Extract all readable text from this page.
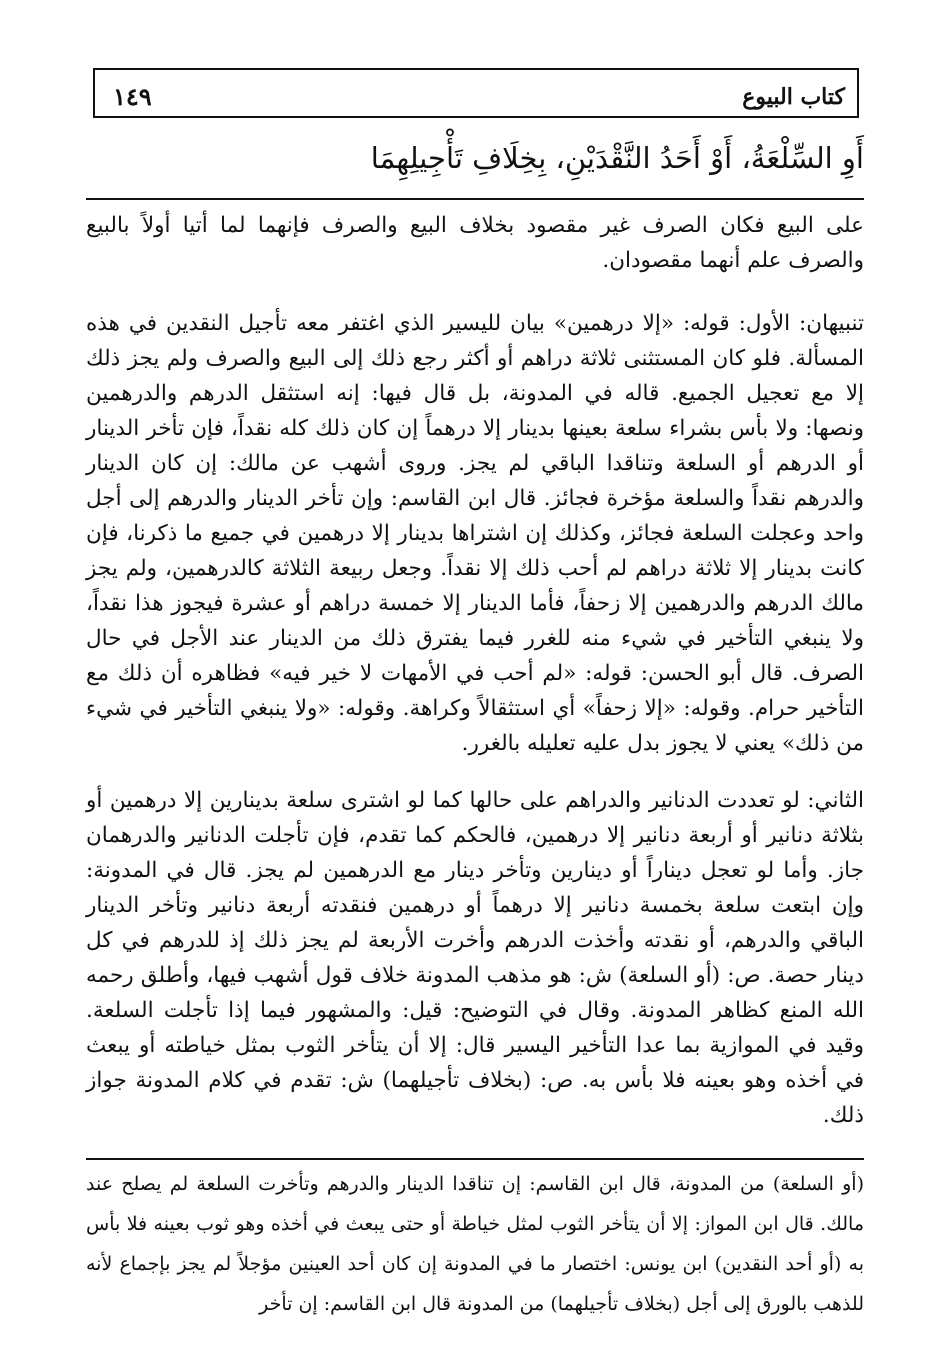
كتاب البيوع
١٤٩
أَوِ السِّلْعَةُ، أَوْ أَحَدُ النَّقْدَيْنِ، بِخِلَافِ تَأْجِيلِهِمَا

على البيع فكان الصرف غير مقصود بخلاف البيع والصرف فإنهما لما أتيا أولاً بالبيع والصرف علم أنهما مقصودان.

تنبيهان: الأول: قوله: «إلا درهمين» بيان لليسير الذي اغتفر معه تأجيل النقدين في هذه المسألة. فلو كان المستثنى ثلاثة دراهم أو أكثر رجع ذلك إلى البيع والصرف ولم يجز ذلك إلا مع تعجيل الجميع. قاله في المدونة، بل قال فيها: إنه استثقل الدرهم والدرهمين ونصها: ولا بأس بشراء سلعة بعينها بدينار إلا درهماً إن كان ذلك كله نقداً، فإن تأخر الدينار أو الدرهم أو السلعة وتناقدا الباقي لم يجز. وروى أشهب عن مالك: إن كان الدينار والدرهم نقداً والسلعة مؤخرة فجائز. قال ابن القاسم: وإن تأخر الدينار والدرهم إلى أجل واحد وعجلت السلعة فجائز، وكذلك إن اشتراها بدينار إلا درهمين في جميع ما ذكرنا، فإن كانت بدينار إلا ثلاثة دراهم لم أحب ذلك إلا نقداً. وجعل ربيعة الثلاثة كالدرهمين، ولم يجز مالك الدرهم والدرهمين إلا زحفاً، فأما الدينار إلا خمسة دراهم أو عشرة فيجوز هذا نقداً، ولا ينبغي التأخير في شيء منه للغرر فيما يفترق ذلك من الدينار عند الأجل في حال الصرف. قال أبو الحسن: قوله: «لم أحب في الأمهات لا خير فيه» فظاهره أن ذلك مع التأخير حرام. وقوله: «إلا زحفاً» أي استثقالاً وكراهة. وقوله: «ولا ينبغي التأخير في شيء من ذلك» يعني لا يجوز بدل عليه تعليله بالغرر.

الثاني: لو تعددت الدنانير والدراهم على حالها كما لو اشترى سلعة بدينارين إلا درهمين أو بثلاثة دنانير أو أربعة دنانير إلا درهمين، فالحكم كما تقدم، فإن تأجلت الدنانير والدرهمان جاز. وأما لو تعجل ديناراً أو دينارين وتأخر دينار مع الدرهمين لم يجز. قال في المدونة: وإن ابتعت سلعة بخمسة دنانير إلا درهماً أو درهمين فنقدته أربعة دنانير وتأخر الدينار الباقي والدرهم، أو نقدته وأخذت الدرهم وأخرت الأربعة لم يجز ذلك إذ للدرهم في كل دينار حصة. ص: (أو السلعة) ش: هو مذهب المدونة خلاف قول أشهب فيها، وأطلق رحمه الله المنع كظاهر المدونة. وقال في التوضيح: قيل: والمشهور فيما إذا تأجلت السلعة. وقيد في الموازية بما عدا التأخير اليسير قال: إلا أن يتأخر الثوب بمثل خياطته أو يبعث في أخذه وهو بعينه فلا بأس به. ص: (بخلاف تأجيلهما) ش: تقدم في كلام المدونة جواز ذلك.

(أو السلعة) من المدونة، قال ابن القاسم: إن تناقدا الدينار والدرهم وتأخرت السلعة لم يصلح عند مالك. قال ابن المواز: إلا أن يتأخر الثوب لمثل خياطة أو حتى يبعث في أخذه وهو ثوب بعينه فلا بأس به (أو أحد النقدين) ابن يونس: اختصار ما في المدونة إن كان أحد العينين مؤجلاً لم يجز بإجماع لأنه للذهب بالورق إلى أجل (بخلاف تأجيلهما) من المدونة قال ابن القاسم: إن تأخر
